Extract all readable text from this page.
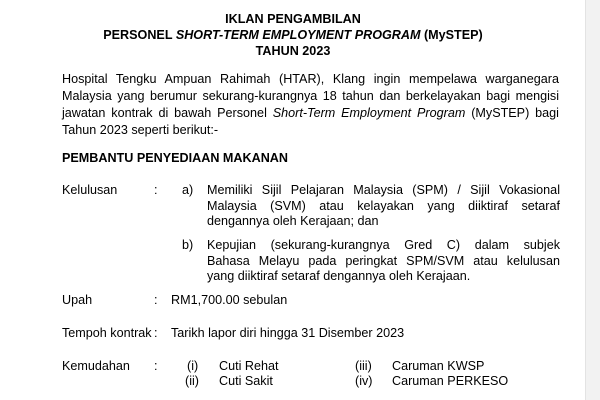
IKLAN PENGAMBILAN
PERSONEL SHORT-TERM EMPLOYMENT PROGRAM (MySTEP)
TAHUN 2023
Hospital Tengku Ampuan Rahimah (HTAR), Klang ingin mempelawa warganegara
Malaysia yang berumur sekurang-kurangnya 18 tahun dan berkelayakan bagi mengisi
jawatan kontrak di bawah Personel Short-Term Employment Program (MySTEP) bagi
Tahun 2023 seperti berikut:-
PEMBANTU PENYEDIAAN MAKANAN
Kelulusan	: a) Memiliki Sijil Pelajaran Malaysia (SPM) / Sijil Vokasional
Malaysia (SVM) atau kelayakan yang diiktiraf setaraf
dengannya oleh Kerajaan; dan
b) Kepujian (sekurang-kurangnya Gred C) dalam subjek
Bahasa Melayu pada peringkat SPM/SVM atau kelulusan
yang diiktiraf setaraf dengannya oleh Kerajaan.
Upah	: RM1,700.00 sebulan
Tempoh kontrak : Tarikh lapor diri hingga 31 Disember 2023
Kemudahan : (i) Cuti Rehat	(iii) Caruman KWSP
(ii) Cuti Sakit	(iv) Caruman PERKESO
